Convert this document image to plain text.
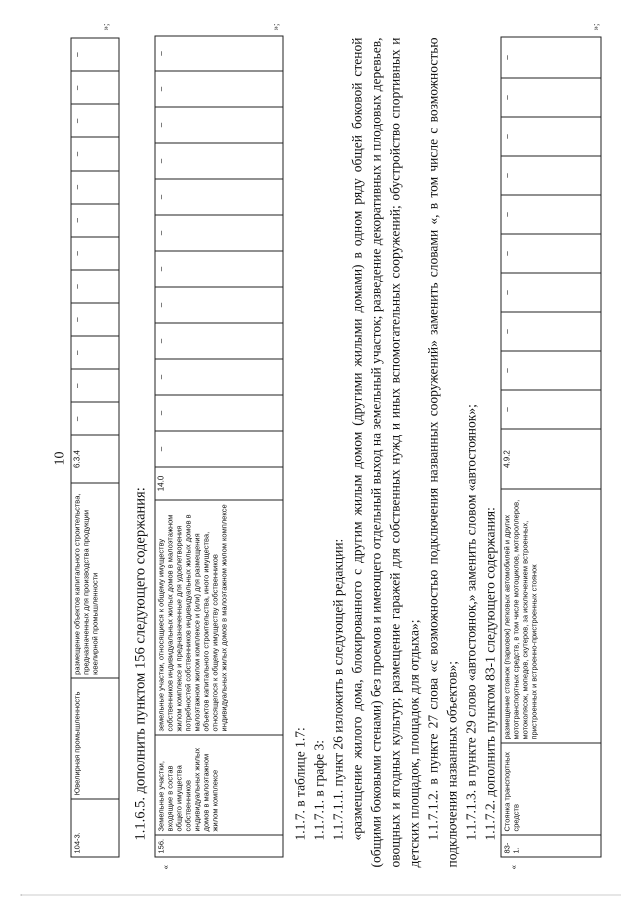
10
104-3.	Ювелирная промышленность	размещение объектов капитального строительства, предназначенных для производства продукции ювелирной промышленности	6.3.4	–	–	–	–	–	–	–	–	–	–	–	–
»;
1.1.6.5. дополнить пунктом 156 следующего содержания:
«
156.	Земельные участки, входящие в состав общего имущества собственников индивидуальных жилых домов в малоэтажном жилом комплексе	земельные участки, относящиеся к общему имуществу собственников индивидуальных жилых домов в малоэтажном жилом комплексе и предназначенные для удовлетворения потребностей собственников индивидуальных жилых домов в малоэтажном жилом комплексе и (или) для размещения объектов капитального строительства, иного имущества, относящегося к общему имуществу собственников индивидуальных жилых домов в малоэтажном жилом комплексе	14.0	–	–	–	–	–	–	–	–	–	–	–	–
»;
1.1.7. в таблице 1.7: 1.1.7.1. в графе 3: 1.1.7.1.1. пункт 26 изложить в следующей редакции: «размещение жилого дома, блокированного с другим жилым домом (другими жилыми домами) в одном ряду общей боковой стеной (общими боковыми стенами) без проемов и имеющего отдельный выход на земельный участок; разведение декоративных и плодовых деревьев, овощных и ягодных культур; размещение гаражей для собственных нужд и иных вспомогательных сооружений; обустройство спортивных и детских площадок, площадок для отдыха»; 1.1.7.1.2. в пункте 27 слова «с возможностью подключения названных сооружений» заменить словами «, в том числе с возможностью подключения названных объектов»; 1.1.7.1.3. в пункте 29 слово «автостоянок,» заменить словом «автостоянок»; 1.1.7.2. дополнить пунктом 83-1 следующего содержания:
«
83-1.	Стоянка транспортных средств	размещение стоянок (парковок) легковых автомобилей и других мототранспортных средств, в том числе мотоциклов, мотороллеров, мотоколясок, мопедов, скутеров, за исключением встроенных, пристроенных и встроенно-пристроенных стоянок	4.9.2	–	–	–	–	–	–	–	–	–	–
»;
